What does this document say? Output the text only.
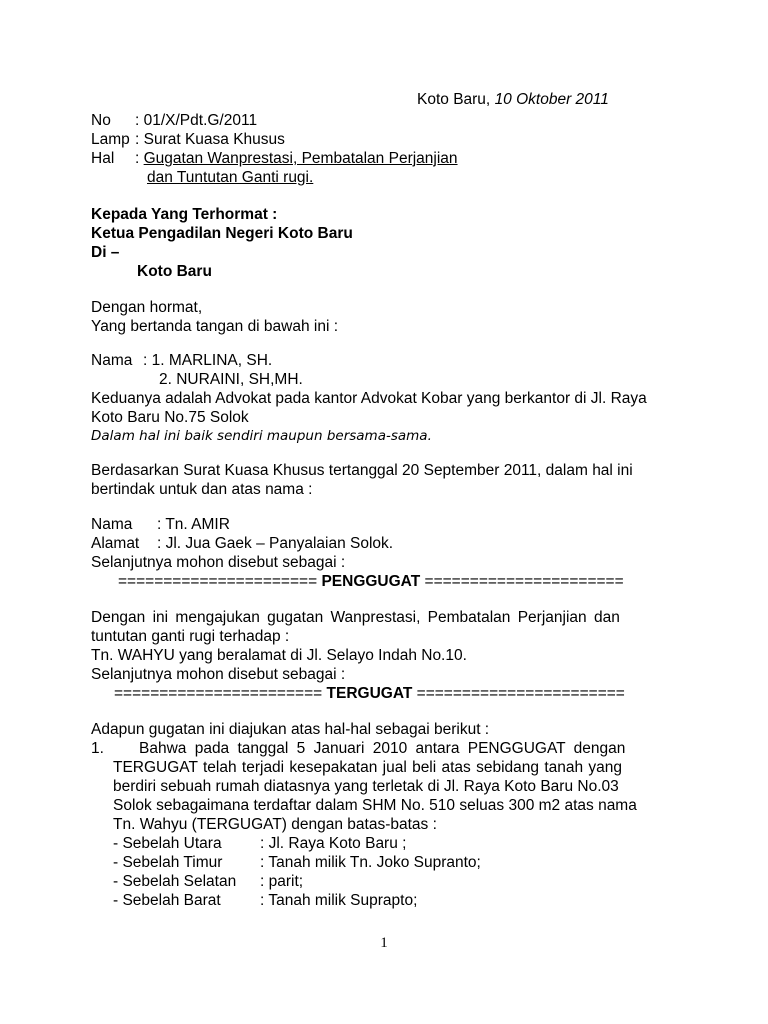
Koto Baru, 10 Oktober 2011
No : 01/X/Pdt.G/2011
Lamp : Surat Kuasa Khusus
Hal : Gugatan Wanprestasi, Pembatalan Perjanjian
dan Tuntutan Ganti rugi.
Kepada Yang Terhormat :
Ketua Pengadilan Negeri Koto Baru
Di –
Koto Baru
Dengan hormat,
Yang bertanda tangan di bawah ini :
Nama : 1. MARLINA, SH.
2. NURAINI, SH,MH.
Keduanya adalah Advokat pada kantor Advokat Kobar yang berkantor di Jl. Raya
Koto Baru No.75 Solok
Dalam hal ini baik sendiri maupun bersama-sama.
Berdasarkan Surat Kuasa Khusus tertanggal 20 September 2011, dalam hal ini
bertindak untuk dan atas nama :
Nama : Tn. AMIR
Alamat : Jl. Jua Gaek – Panyalaian Solok.
Selanjutnya mohon disebut sebagai :
====================== PENGGUGAT ======================
Dengan ini mengajukan gugatan Wanprestasi, Pembatalan Perjanjian dan
tuntutan ganti rugi terhadap :
Tn. WAHYU yang beralamat di Jl. Selayo Indah No.10.
Selanjutnya mohon disebut sebagai :
======================= TERGUGAT =======================
Adapun gugatan ini diajukan atas hal-hal sebagai berikut :
1. Bahwa pada tanggal 5 Januari 2010 antara PENGGUGAT dengan
TERGUGAT telah terjadi kesepakatan jual beli atas sebidang tanah yang
berdiri sebuah rumah diatasnya yang terletak di Jl. Raya Koto Baru No.03
Solok sebagaimana terdaftar dalam SHM No. 510 seluas 300 m2 atas nama
Tn. Wahyu (TERGUGAT) dengan batas-batas :
- Sebelah Utara : Jl. Raya Koto Baru ;
- Sebelah Timur : Tanah milik Tn. Joko Supranto;
- Sebelah Selatan : parit;
- Sebelah Barat	: Tanah milik Suprapto;
1
